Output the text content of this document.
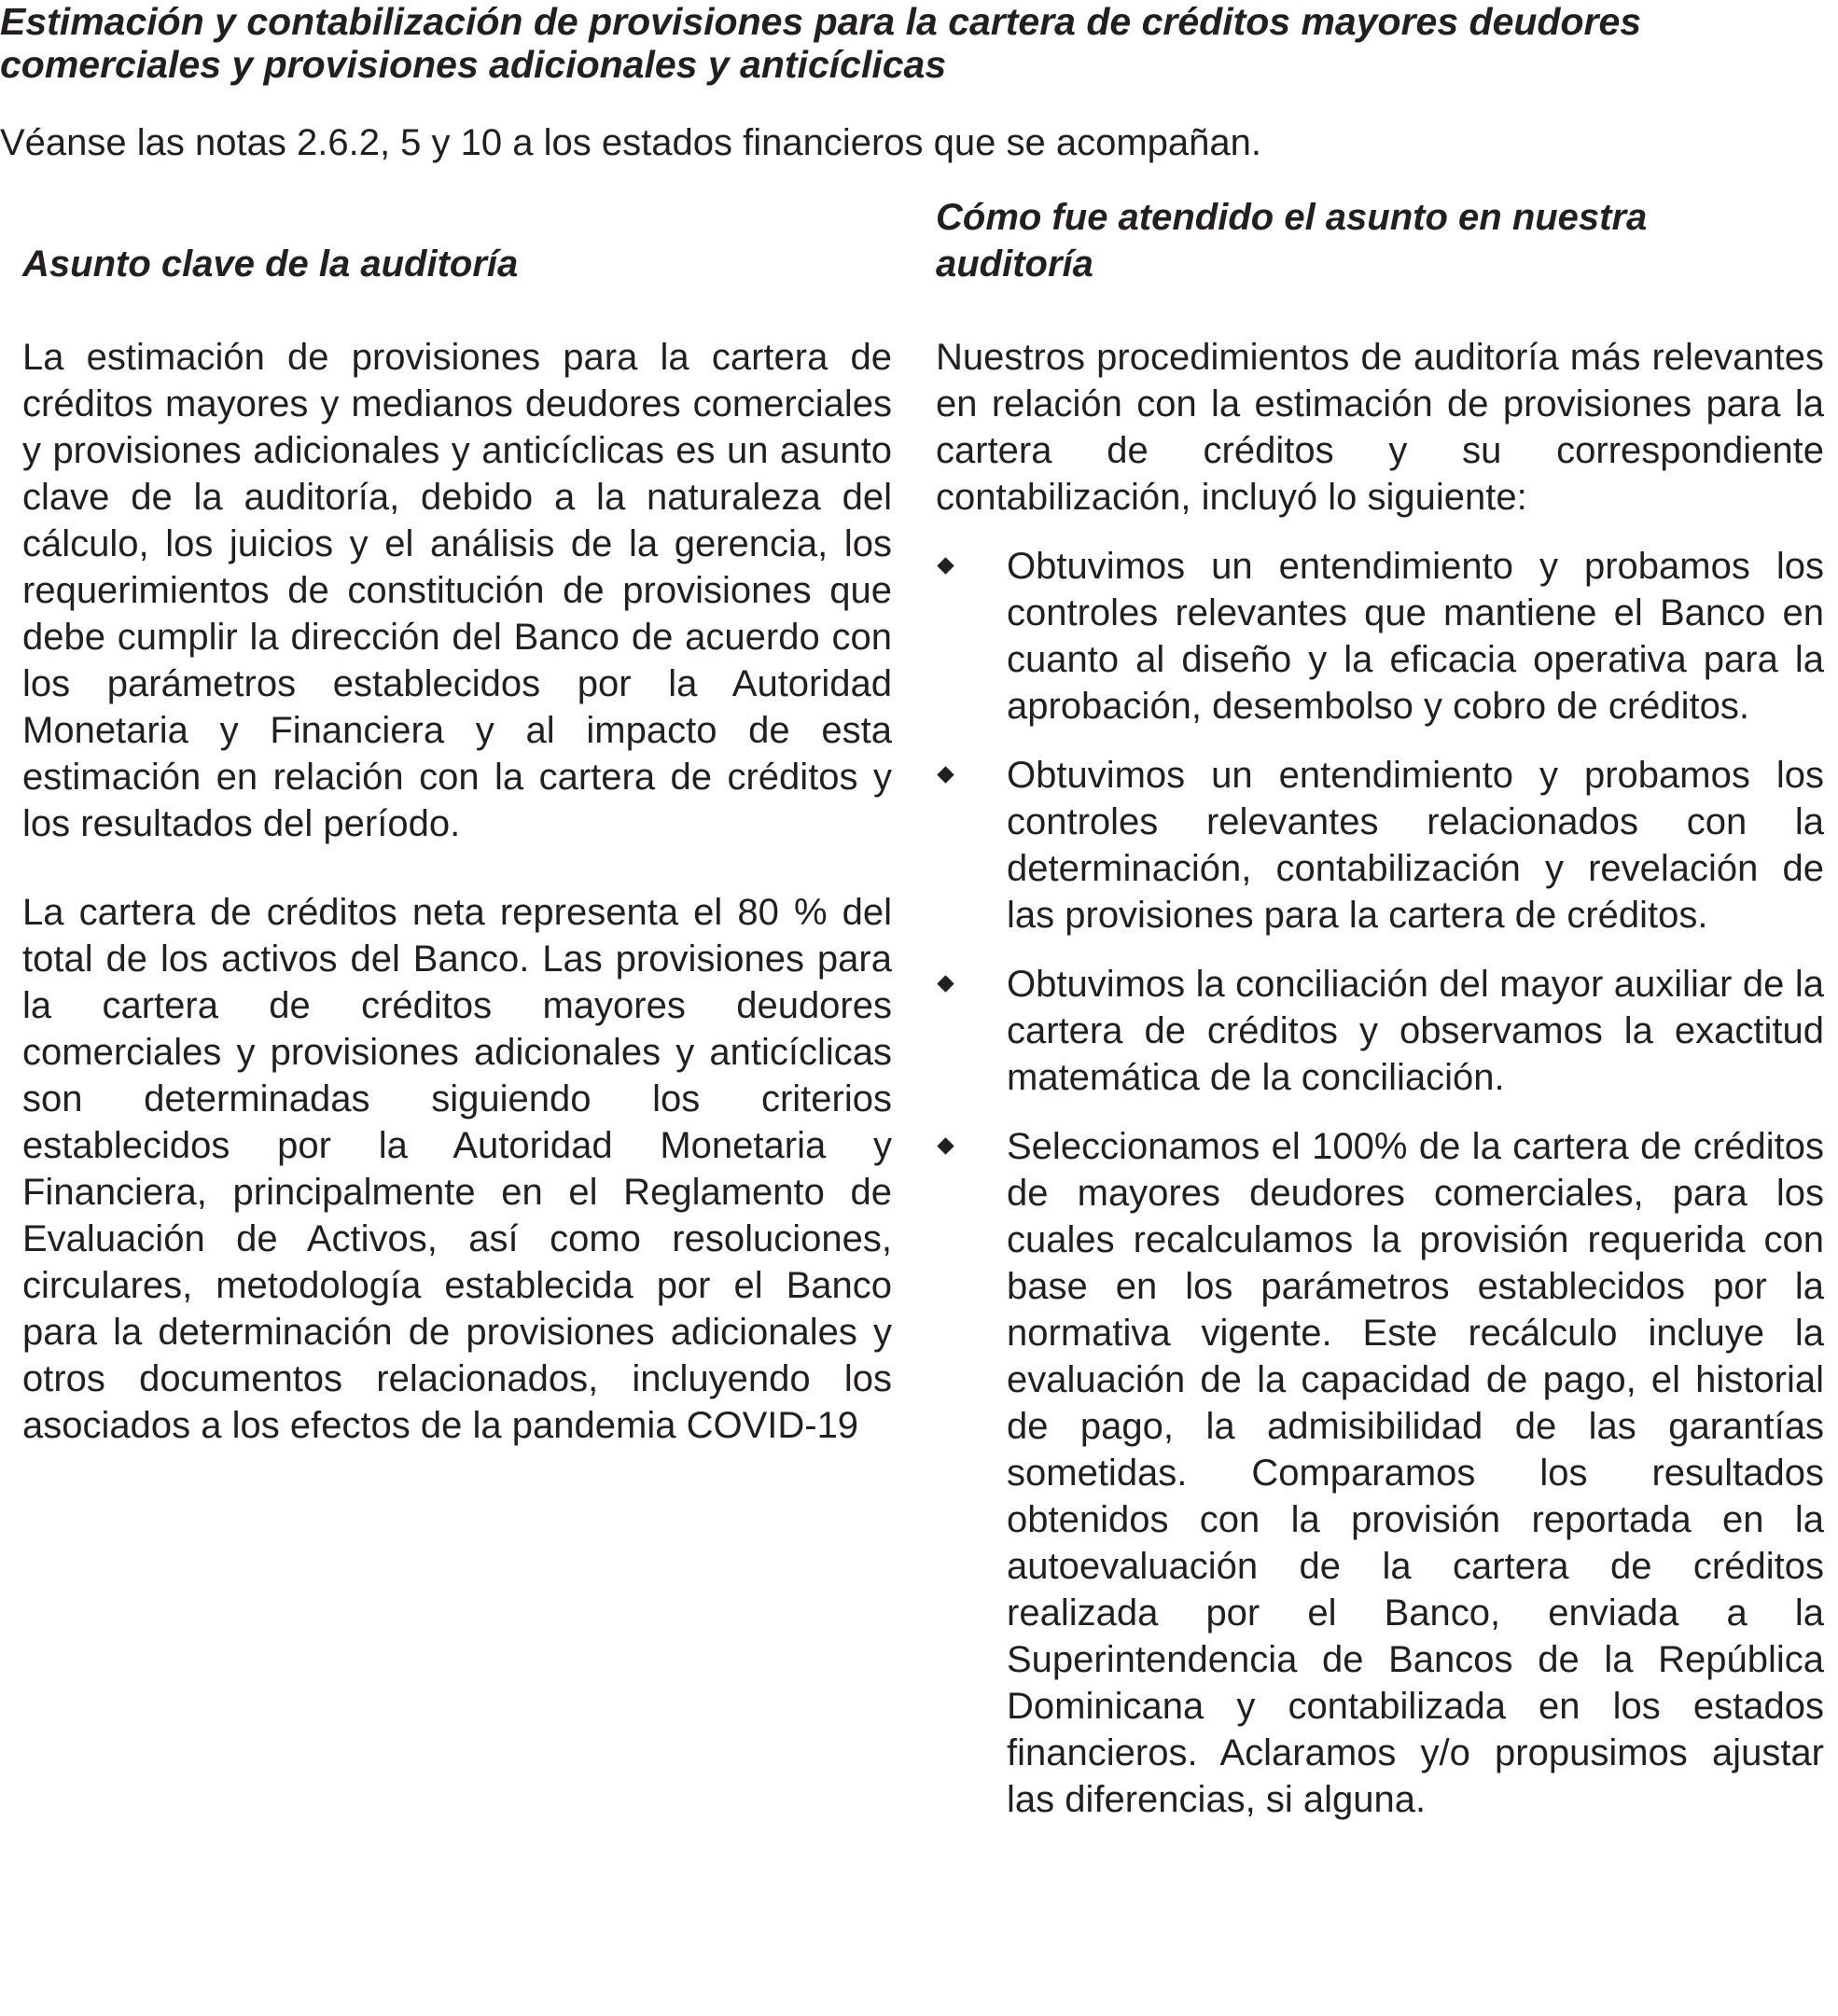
Estimación y contabilización de provisiones para la cartera de créditos mayores deudores
comerciales y provisiones adicionales y anticíclicas

Véanse las notas 2.6.2, 5 y 10 a los estados financieros que se acompañan.

Asunto clave de la auditoría

La estimación de provisiones para la cartera de créditos mayores y medianos deudores comerciales y provisiones adicionales y anticíclicas es un asunto clave de la auditoría, debido a la naturaleza del cálculo, los juicios y el análisis de la gerencia, los requerimientos de constitución de provisiones que debe cumplir la dirección del Banco de acuerdo con los parámetros establecidos por la Autoridad Monetaria y Financiera y al impacto de esta estimación en relación con la cartera de créditos y los resultados del período.

La cartera de créditos neta representa el 80 % del total de los activos del Banco. Las provisiones para la cartera de créditos mayores deudores comerciales y provisiones adicionales y anticíclicas son determinadas siguiendo los criterios establecidos por la Autoridad Monetaria y Financiera, principalmente en el Reglamento de Evaluación de Activos, así como resoluciones, circulares, metodología establecida por el Banco para la determinación de provisiones adicionales y otros documentos relacionados, incluyendo los asociados a los efectos de la pandemia COVID-19

Cómo fue atendido el asunto en nuestra
auditoría

Nuestros procedimientos de auditoría más relevantes en relación con la estimación de provisiones para la cartera de créditos y su correspondiente contabilización, incluyó lo siguiente:

Obtuvimos un entendimiento y probamos los controles relevantes que mantiene el Banco en cuanto al diseño y la eficacia operativa para la aprobación, desembolso y cobro de créditos.
Obtuvimos un entendimiento y probamos los controles relevantes relacionados con la determinación, contabilización y revelación de las provisiones para la cartera de créditos.
Obtuvimos la conciliación del mayor auxiliar de la cartera de créditos y observamos la exactitud matemática de la conciliación.
Seleccionamos el 100% de la cartera de créditos de mayores deudores comerciales, para los cuales recalculamos la provisión requerida con base en los parámetros establecidos por la normativa vigente. Este recálculo incluye la evaluación de la capacidad de pago, el historial de pago, la admisibilidad de las garantías sometidas. Comparamos los resultados obtenidos con la provisión reportada en la autoevaluación de la cartera de créditos realizada por el Banco, enviada a la Superintendencia de Bancos de la República Dominicana y contabilizada en los estados financieros. Aclaramos y/o propusimos ajustar las diferencias, si alguna.
